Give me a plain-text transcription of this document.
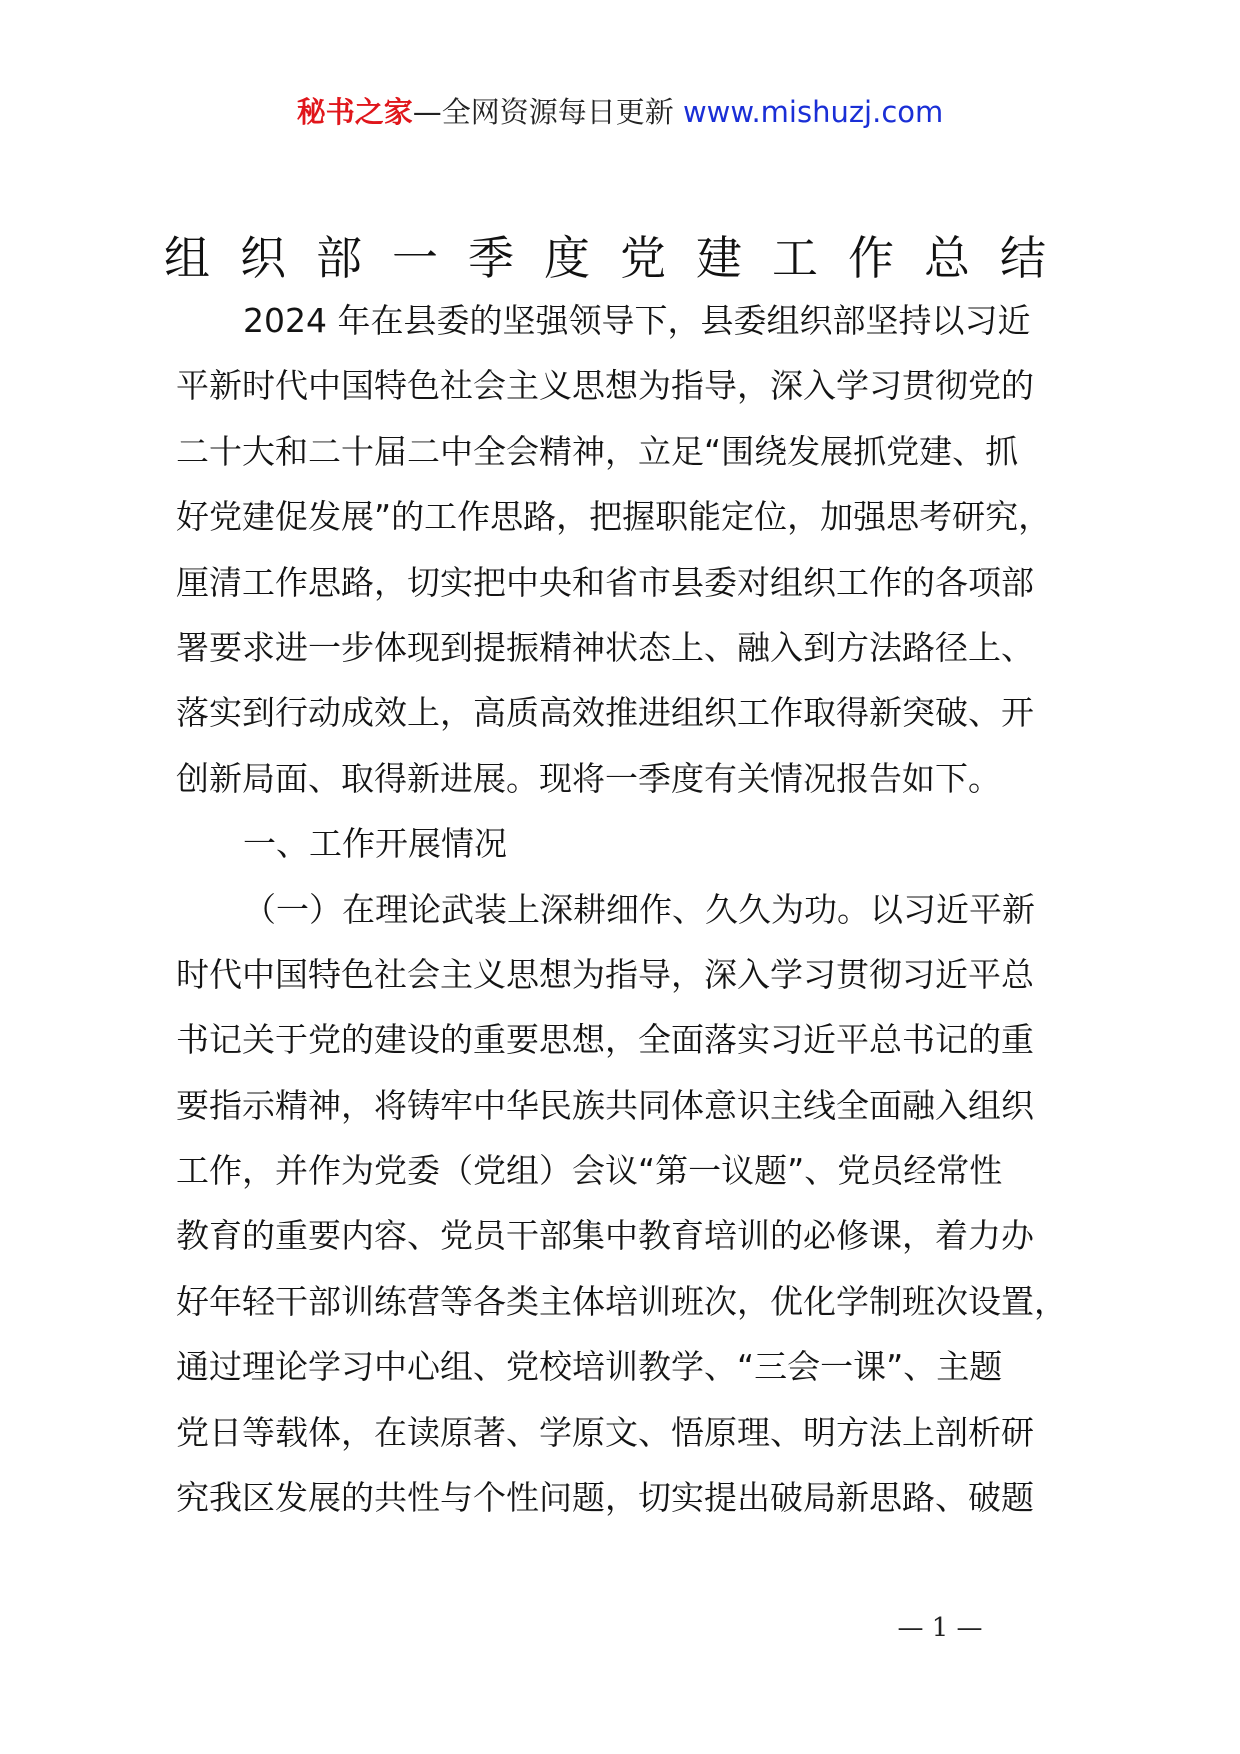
秘书之家—全网资源每日更新 www.mishuzj.com
组织部一季度党建工作总结
2024 年在县委的坚强领导下，县委组织部坚持以习近
平新时代中国特色社会主义思想为指导，深入学习贯彻党的
二十大和二十届二中全会精神，立足“围绕发展抓党建、抓
好党建促发展”的工作思路，把握职能定位，加强思考研究，
厘清工作思路，切实把中央和省市县委对组织工作的各项部
署要求进一步体现到提振精神状态上、融入到方法路径上、
落实到行动成效上，高质高效推进组织工作取得新突破、开
创新局面、取得新进展。现将一季度有关情况报告如下。
一、工作开展情况
（一）在理论武装上深耕细作、久久为功。以习近平新
时代中国特色社会主义思想为指导，深入学习贯彻习近平总
书记关于党的建设的重要思想，全面落实习近平总书记的重
要指示精神，将铸牢中华民族共同体意识主线全面融入组织
工作，并作为党委（党组）会议“第一议题”、党员经常性
教育的重要内容、党员干部集中教育培训的必修课，着力办
好年轻干部训练营等各类主体培训班次，优化学制班次设置，
通过理论学习中心组、党校培训教学、“三会一课”、主题
党日等载体，在读原著、学原文、悟原理、明方法上剖析研
究我区发展的共性与个性问题，切实提出破局新思路、破题
— 1 —
